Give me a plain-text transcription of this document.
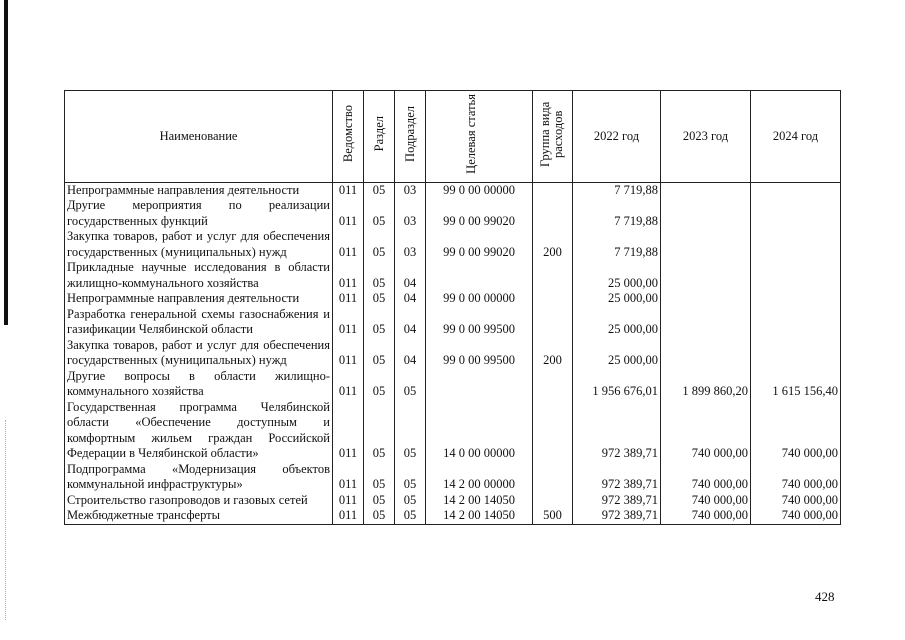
Наименование	Ведомство	Раздел	Подраздел	Целевая статья	Группа вида расходов	2022 год	2023 год	2024 год
Непрограммные направления деятельности	011	05	03	99 0 00 00000		7 719,88		
Другие мероприятия по реализации государственных функций	011	05	03	99 0 00 99020		7 719,88		
Закупка товаров, работ и услуг для обеспечения государственных (муниципальных) нужд	011	05	03	99 0 00 99020	200	7 719,88		
Прикладные научные исследования в области жилищно-коммунального хозяйства	011	05	04			25 000,00		
Непрограммные направления деятельности	011	05	04	99 0 00 00000		25 000,00		
Разработка генеральной схемы газоснабжения и газификации Челябинской области	011	05	04	99 0 00 99500		25 000,00		
Закупка товаров, работ и услуг для обеспечения государственных (муниципальных) нужд	011	05	04	99 0 00 99500	200	25 000,00		
Другие вопросы в области жилищно-коммунального хозяйства	011	05	05			1 956 676,01	1 899 860,20	1 615 156,40
Государственная программа Челябинской области «Обеспечение доступным и комфортным жильем граждан Российской Федерации в Челябинской области»	011	05	05	14 0 00 00000		972 389,71	740 000,00	740 000,00
Подпрограмма «Модернизация объектов коммунальной инфраструктуры»	011	05	05	14 2 00 00000		972 389,71	740 000,00	740 000,00
Строительство газопроводов и газовых сетей	011	05	05	14 2 00 14050		972 389,71	740 000,00	740 000,00
Межбюджетные трансферты	011	05	05	14 2 00 14050	500	972 389,71	740 000,00	740 000,00
428
